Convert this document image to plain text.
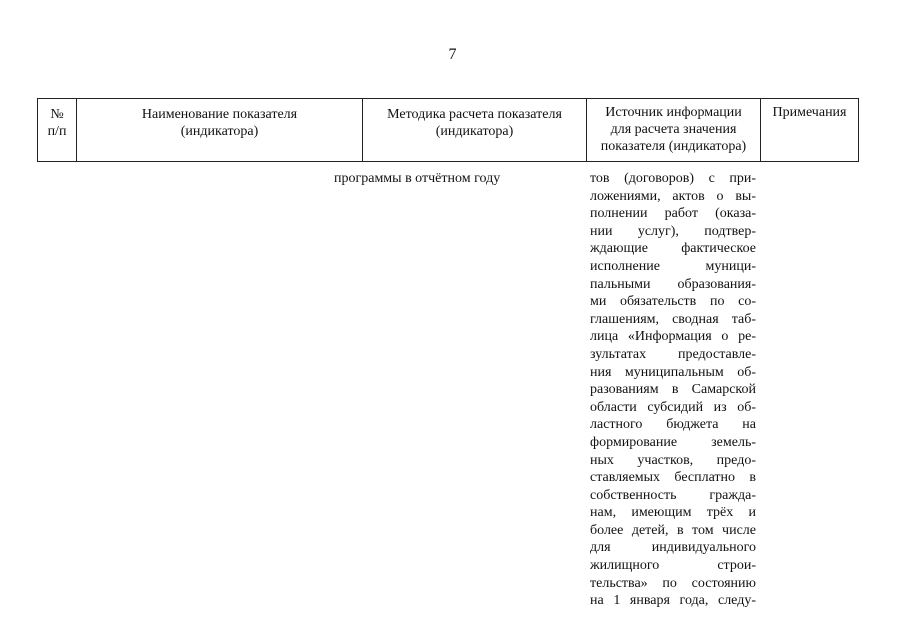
7
№
п/п
Наименование показателя
(индикатора)
Методика расчета показателя
(индикатора)
Источник информации
для расчета значения
показателя (индикатора)
Примечания
программы в отчётном году	тов (договоров) с при-
ложениями, актов о вы-
полнении работ (оказа-
нии услуг), подтвер-
ждающие фактическое
исполнение муници-
пальными образования-
ми обязательств по со-
глашениям, сводная таб-
лица «Информация о ре-
зультатах предоставле-
ния муниципальным об-
разованиям в Самарской
области субсидий из об-
ластного бюджета на
формирование земель-
ных участков, предо-
ставляемых бесплатно в
собственность гражда-
нам, имеющим трёх и
более детей, в том числе
для индивидуального
жилищного строи-
тельства» по состоянию
на 1 января года, следу-
